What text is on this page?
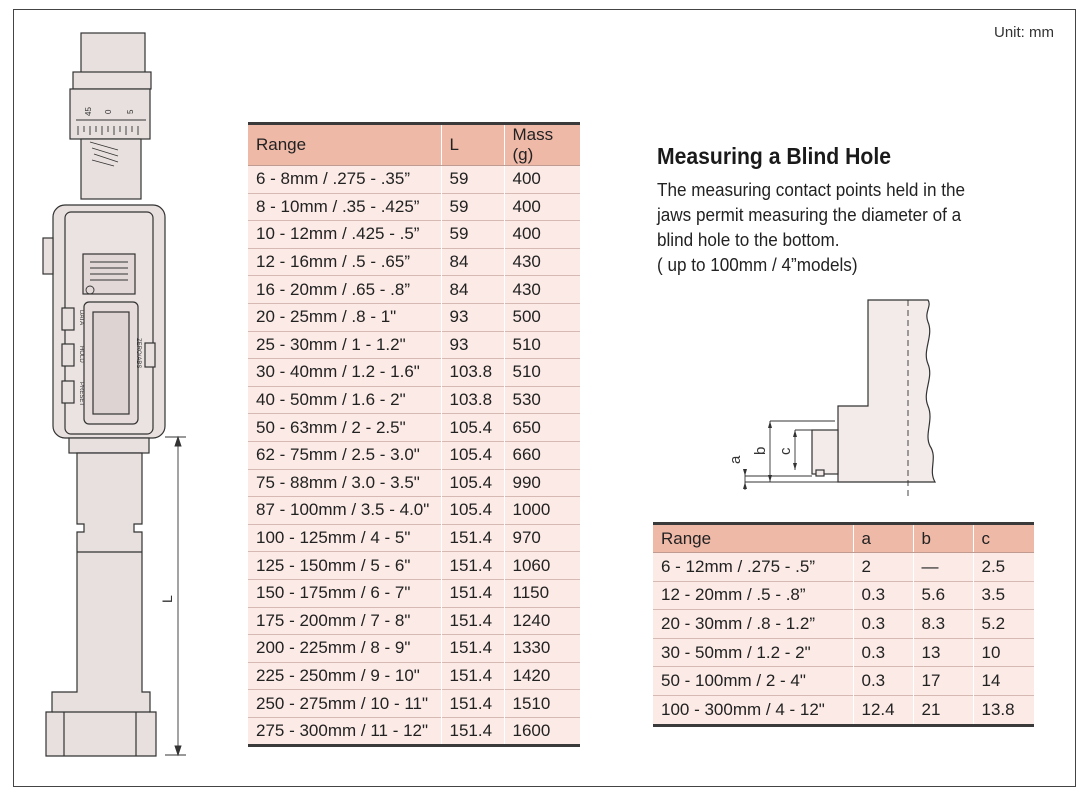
Unit: mm
45 0 5
DATA
HOLD
PRESET
ZERO/ABS
L
Range	L	Mass (g)
6 - 8mm / .275 - .35”	59	400
8 - 10mm / .35 - .425”	59	400
10 - 12mm / .425 - .5”	59	400
12 - 16mm / .5 - .65”	84	430
16 - 20mm / .65 - .8”	84	430
20 - 25mm / .8 - 1"	93	500
25 - 30mm / 1 - 1.2"	93	510
30 - 40mm / 1.2 - 1.6"	103.8	510
40 - 50mm / 1.6 - 2"	103.8	530
50 - 63mm / 2 - 2.5"	105.4	650
62 - 75mm / 2.5 - 3.0"	105.4	660
75 - 88mm / 3.0 - 3.5"	105.4	990
87 - 100mm / 3.5 - 4.0"	105.4	1000
100 - 125mm / 4 - 5"	151.4	970
125 - 150mm / 5 - 6"	151.4	1060
150 - 175mm / 6 - 7"	151.4	1150
175 - 200mm / 7 - 8"	151.4	1240
200 - 225mm / 8 - 9"	151.4	1330
225 - 250mm / 9 - 10"	151.4	1420
250 - 275mm / 10 - 11"	151.4	1510
275 - 300mm / 11 - 12"	151.4	1600
Measuring a Blind Hole
The measuring contact points held in the
jaws permit measuring the diameter of a
blind hole to the bottom.
( up to 100mm / 4”models)
a
b c
Range	a	b	c
6 - 12mm / .275 - .5”	2	—	2.5
12 - 20mm / .5 - .8”	0.3	5.6	3.5
20 - 30mm / .8 - 1.2”	0.3	8.3	5.2
30 - 50mm / 1.2 - 2"	0.3	13	10
50 - 100mm / 2 - 4"	0.3	17	14
100 - 300mm / 4 - 12"	12.4	21	13.8
